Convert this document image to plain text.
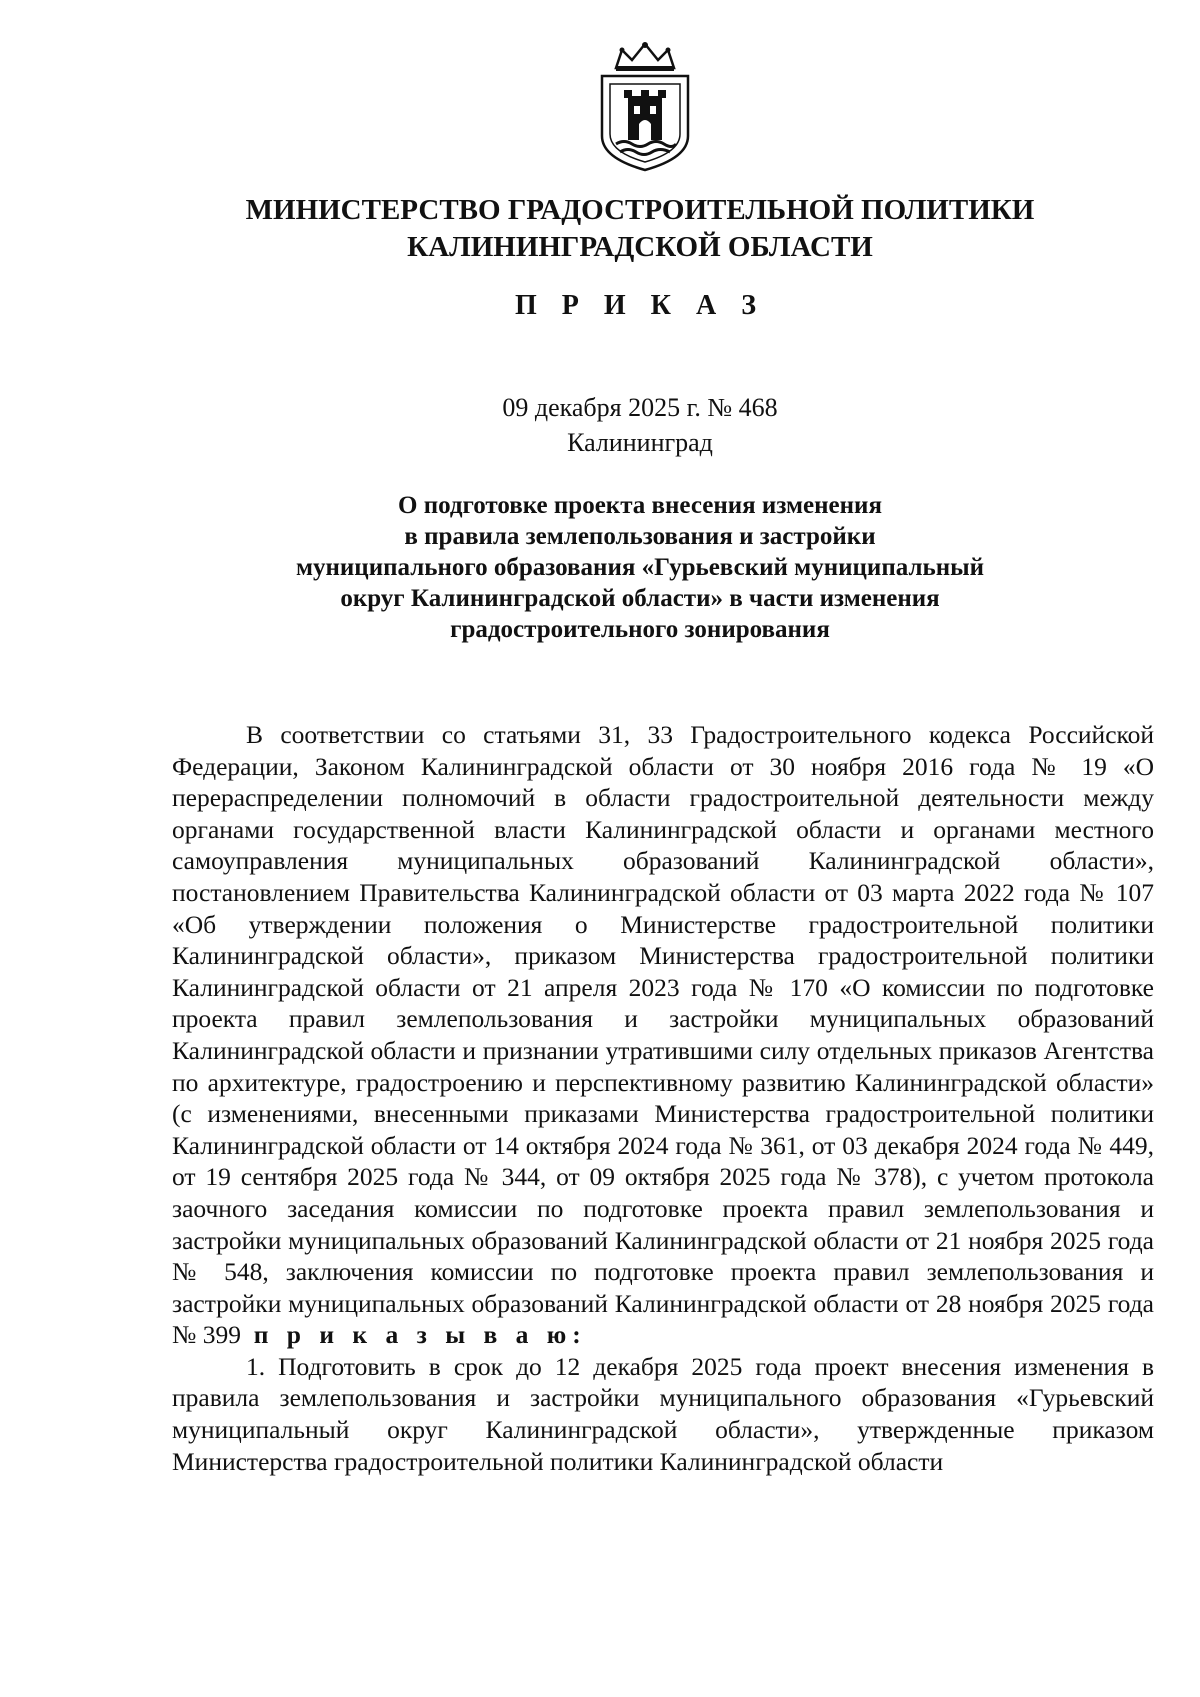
МИНИСТЕРСТВО ГРАДОСТРОИТЕЛЬНОЙ ПОЛИТИКИ
КАЛИНИНГРАДСКОЙ ОБЛАСТИ
П Р И К А З
09 декабря 2025 г. № 468
Калининград
О подготовке проекта внесения изменения
в правила землепользования и застройки
муниципального образования «Гурьевский муниципальный
округ Калининградской области» в части изменения
градостроительного зонирования

В соответствии со статьями 31, 33 Градостроительного кодекса Российской Федерации, Законом Калининградской области от 30 ноября 2016 года № 19 «О перераспределении полномочий в области градостроительной деятельности между органами государственной власти Калининградской области и органами местного самоуправления муниципальных образований Калининградской области», постановлением Правительства Калининградской области от 03 марта 2022 года № 107 «Об утверждении положения о Министерстве градостроительной политики Калининградской области», приказом Министерства градостроительной политики Калининградской области от 21 апреля 2023 года № 170 «О комиссии по подготовке проекта правил землепользования и застройки муниципальных образований Калининградской области и признании утратившими силу отдельных приказов Агентства по архитектуре, градостроению и перспективному развитию Калининградской области» (с изменениями, внесенными приказами Министерства градостроительной политики Калининградской области от 14 октября 2024 года № 361, от 03 декабря 2024 года № 449, от 19 сентября 2025 года № 344, от 09 октября 2025 года № 378), с учетом протокола заочного заседания комиссии по подготовке проекта правил землепользования и застройки муниципальных образований Калининградской области от 21 ноября 2025 года № 548, заключения комиссии по подготовке проекта правил землепользования и застройки муниципальных образований Калининградской области от 28 ноября 2025 года № 399 п р и к а з ы в а ю:

1. Подготовить в срок до 12 декабря 2025 года проект внесения изменения в правила землепользования и застройки муниципального образования «Гурьевский муниципальный округ Калининградской области», утвержденные приказом Министерства градостроительной политики Калининградской области
